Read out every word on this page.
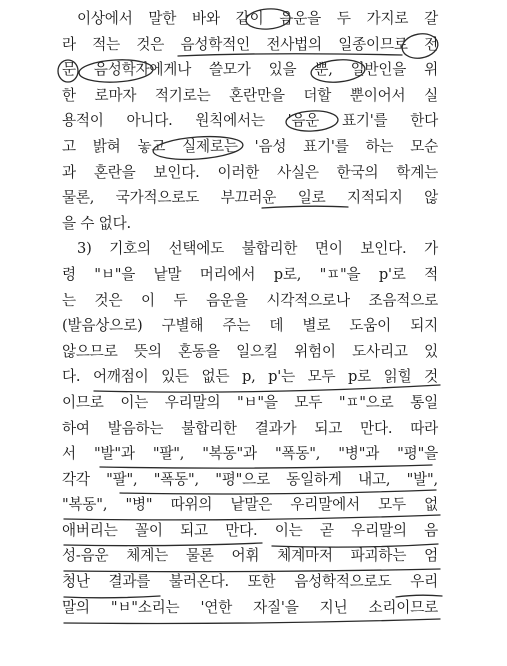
이상에서 말한 바와 같이 음운을 두 가지로 갈
라 적는 것은 음성학적인 전사법의 일종이므로 전
문 음성학자에게나 쓸모가 있을 뿐, 일반인을 위
한 로마자 적기로는 혼란만을 더할 뿐이어서 실
용적이 아니다. 원칙에서는 '음운 표기'를 한다
고 밝혀 놓고 실제로는 '음성 표기'를 하는 모순
과 혼란을 보인다. 이러한 사실은 한국의 학계는
물론, 국가적으로도 부끄러운 일로 지적되지 않
을 수 없다.
3) 기호의 선택에도 불합리한 면이 보인다. 가
령 "ㅂ"을 낱말 머리에서 p로, "ㅍ"을 p'로 적
는 것은 이 두 음운을 시각적으로나 조음적으로
(발음상으로) 구별해 주는 데 별로 도움이 되지
않으므로 뜻의 혼동을 일으킬 위험이 도사리고 있
다. 어깨점이 있든 없든 p, p'는 모두 p로 읽힐 것
이므로 이는 우리말의 "ㅂ"을 모두 "ㅍ"으로 통일
하여 발음하는 불합리한 결과가 되고 만다. 따라
서 "발"과 "팔", "복동"과 "폭동", "병"과 "평"을
각각 "팔", "폭동", "평"으로 동일하게 내고, "발",
"복동", "병" 따위의 낱말은 우리말에서 모두 없
애버리는 꼴이 되고 만다. 이는 곧 우리말의 음
성-음운 체계는 물론 어휘 체계마저 파괴하는 엄
청난 결과를 불러온다. 또한 음성학적으로도 우리
말의 "ㅂ"소리는 '연한 자질'을 지닌 소리이므로
